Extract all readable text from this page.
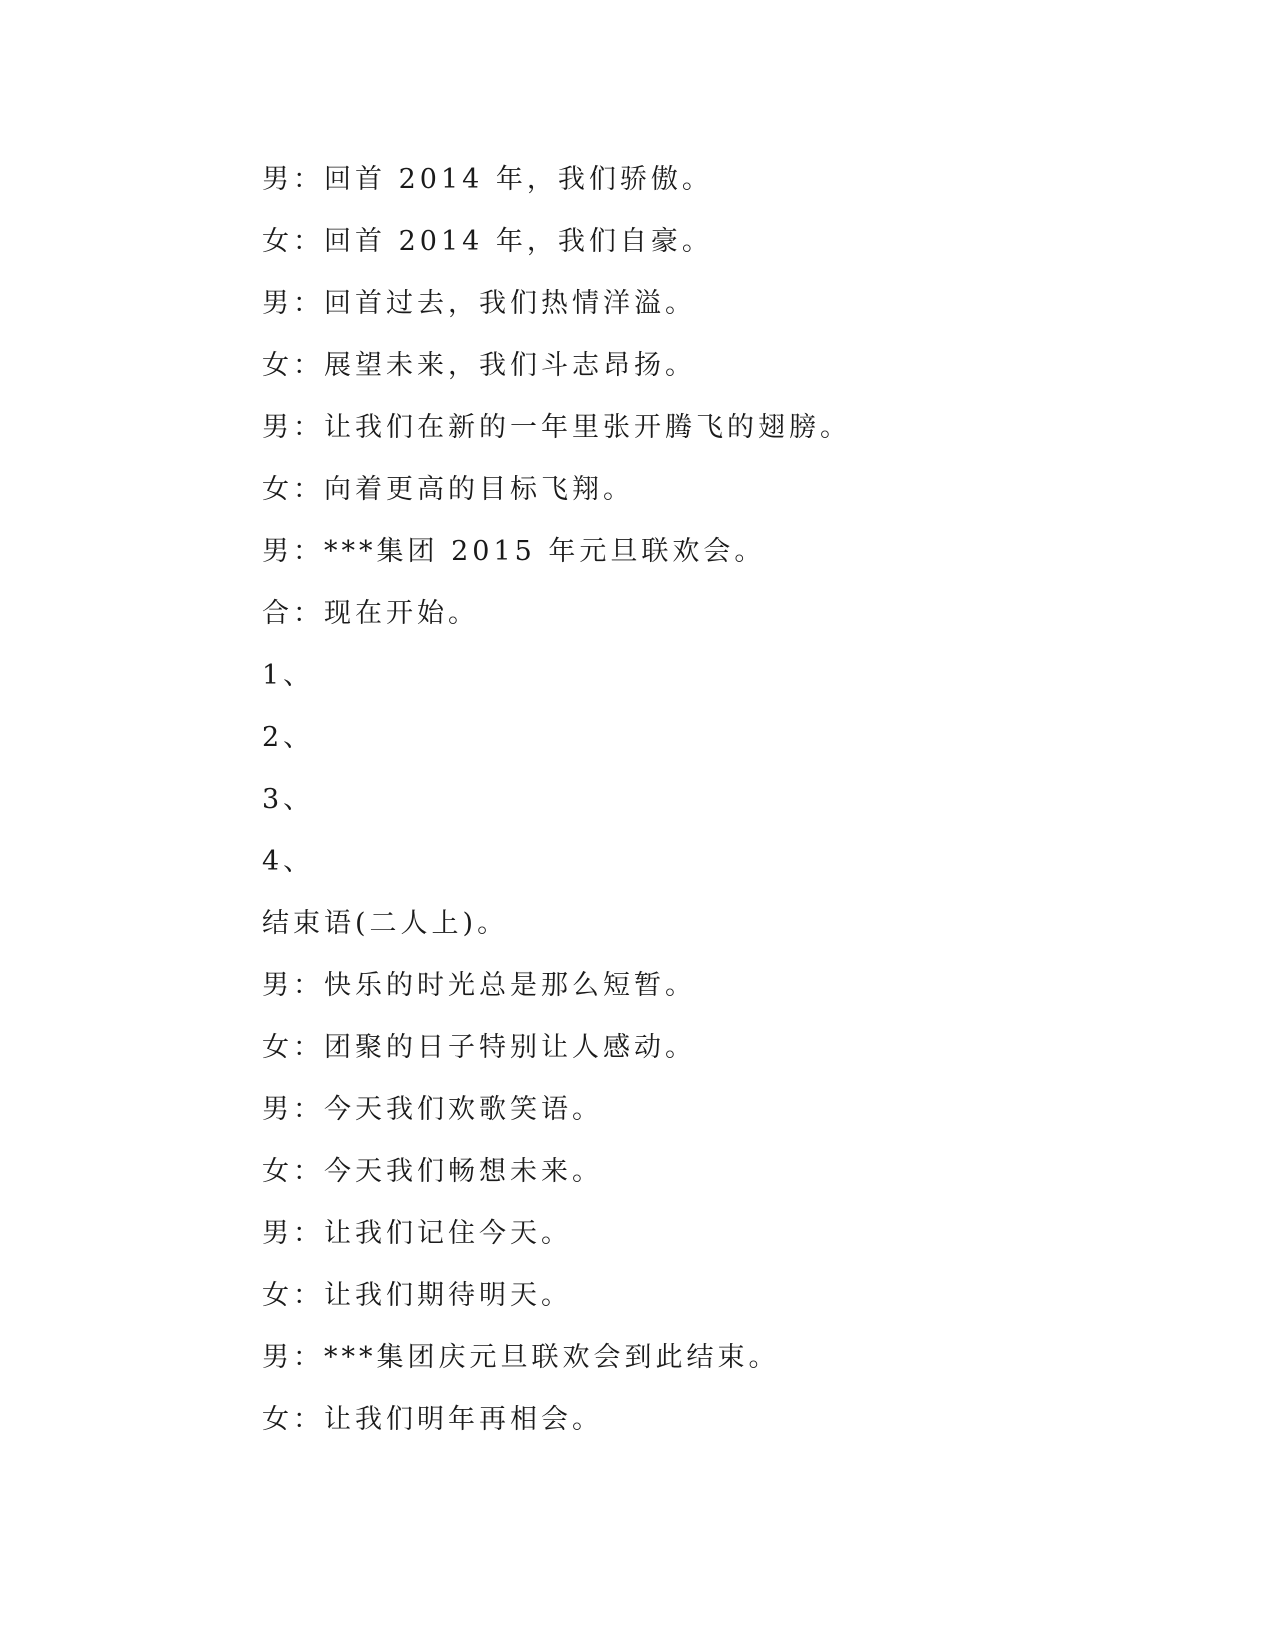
男：回首 2014 年，我们骄傲。
女：回首 2014 年，我们自豪。
男：回首过去，我们热情洋溢。
女：展望未来，我们斗志昂扬。
男：让我们在新的一年里张开腾飞的翅膀。
女：向着更高的目标飞翔。
男：***集团 2015 年元旦联欢会。
合：现在开始。
1、
2、
3、
4、
结束语(二人上)。
男：快乐的时光总是那么短暂。
女：团聚的日子特别让人感动。
男：今天我们欢歌笑语。
女：今天我们畅想未来。
男：让我们记住今天。
女：让我们期待明天。
男：***集团庆元旦联欢会到此结束。
女：让我们明年再相会。
